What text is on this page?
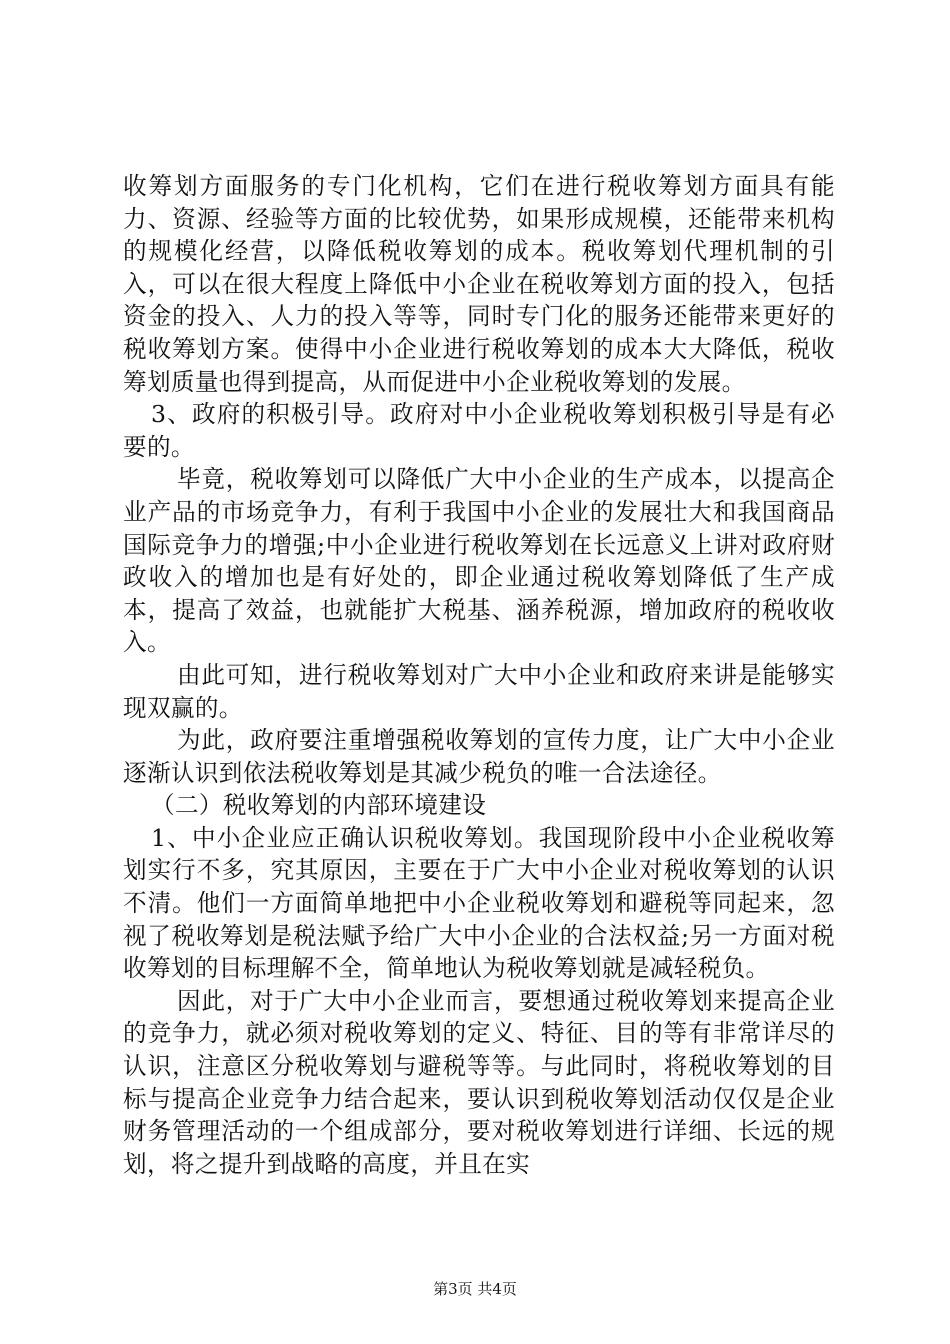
收筹划方面服务的专门化机构，它们在进行税收筹划方面具有能力、资源、经验等方面的比较优势，如果形成规模，还能带来机构的规模化经营，以降低税收筹划的成本。税收筹划代理机制的引入，可以在很大程度上降低中小企业在税收筹划方面的投入，包括资金的投入、人力的投入等等，同时专门化的服务还能带来更好的税收筹划方案。使得中小企业进行税收筹划的成本大大降低，税收筹划质量也得到提高，从而促进中小企业税收筹划的发展。

3、政府的积极引导。政府对中小企业税收筹划积极引导是有必要的。

毕竟，税收筹划可以降低广大中小企业的生产成本，以提高企业产品的市场竞争力，有利于我国中小企业的发展壮大和我国商品国际竞争力的增强;中小企业进行税收筹划在长远意义上讲对政府财政收入的增加也是有好处的，即企业通过税收筹划降低了生产成本，提高了效益，也就能扩大税基、涵养税源，增加政府的税收收入。

由此可知，进行税收筹划对广大中小企业和政府来讲是能够实现双赢的。

为此，政府要注重增强税收筹划的宣传力度，让广大中小企业逐渐认识到依法税收筹划是其减少税负的唯一合法途径。

（二）税收筹划的内部环境建设

1、中小企业应正确认识税收筹划。我国现阶段中小企业税收筹划实行不多，究其原因，主要在于广大中小企业对税收筹划的认识不清。他们一方面简单地把中小企业税收筹划和避税等同起来，忽视了税收筹划是税法赋予给广大中小企业的合法权益;另一方面对税收筹划的目标理解不全，简单地认为税收筹划就是减轻税负。

因此，对于广大中小企业而言，要想通过税收筹划来提高企业的竞争力，就必须对税收筹划的定义、特征、目的等有非常详尽的认识，注意区分税收筹划与避税等等。与此同时，将税收筹划的目标与提高企业竞争力结合起来，要认识到税收筹划活动仅仅是企业财务管理活动的一个组成部分，要对税收筹划进行详细、长远的规划，将之提升到战略的高度，并且在实

第3页 共4页
